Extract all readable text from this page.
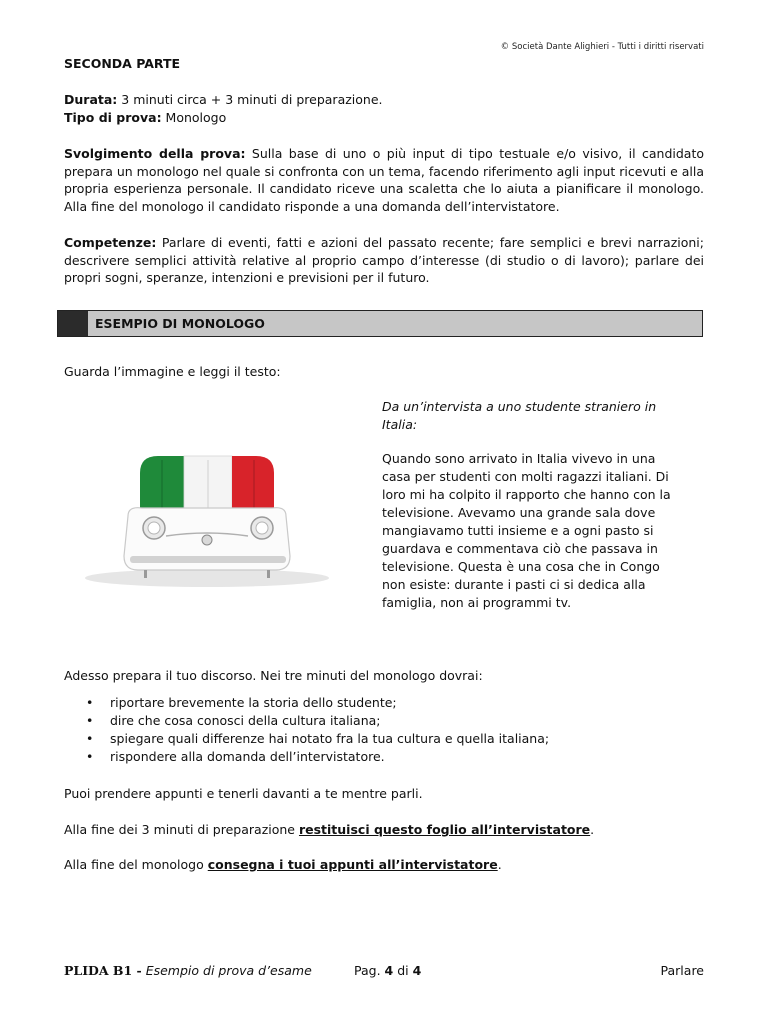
© Società Dante Alighieri - Tutti i diritti riservati
SECONDA PARTE
Durata: 3 minuti circa + 3 minuti di preparazione.
Tipo di prova: Monologo
Svolgimento della prova: Sulla base di uno o più input di tipo testuale e/o visivo, il candidato prepara un monologo nel quale si confronta con un tema, facendo riferimento agli input ricevuti e alla propria esperienza personale. Il candidato riceve una scaletta che lo aiuta a pianificare il monologo. Alla fine del monologo il candidato risponde a una domanda dell’intervistatore.
Competenze: Parlare di eventi, fatti e azioni del passato recente; fare semplici e brevi narrazioni; descrivere semplici attività relative al proprio campo d’interesse (di studio o di lavoro); parlare dei propri sogni, speranze, intenzioni e previsioni per il futuro.
ESEMPIO DI MONOLOGO
Guarda l’immagine e leggi il testo:
Da un’intervista a uno studente straniero in Italia:
Quando sono arrivato in Italia vivevo in una casa per studenti con molti ragazzi italiani. Di loro mi ha colpito il rapporto che hanno con la televisione. Avevamo una grande sala dove mangiavamo tutti insieme e a ogni pasto si guardava e commentava ciò che passava in televisione. Questa è una cosa che in Congo non esiste: durante i pasti ci si dedica alla famiglia, non ai programmi tv.
Adesso prepara il tuo discorso. Nei tre minuti del monologo dovrai:
• riportare brevemente la storia dello studente;
• dire che cosa conosci della cultura italiana;
• spiegare quali differenze hai notato fra la tua cultura e quella italiana;
• rispondere alla domanda dell’intervistatore.
Puoi prendere appunti e tenerli davanti a te mentre parli.
Alla fine dei 3 minuti di preparazione restituisci questo foglio all’intervistatore.
Alla fine del monologo consegna i tuoi appunti all’intervistatore.
PLIDA B1 - Esempio di prova d’esame	Pag. 4 di 4	Parlare
